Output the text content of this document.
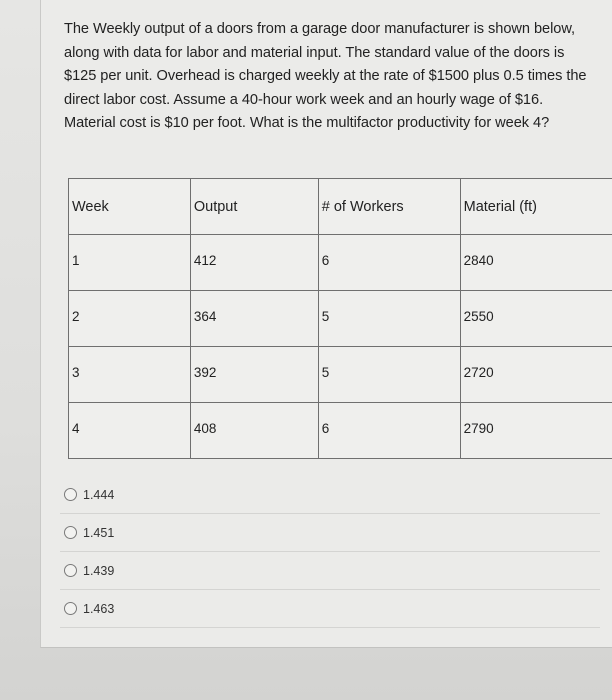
The Weekly output of a doors from a garage door manufacturer is shown below, along with data for labor and material input. The standard value of the doors is $125 per unit. Overhead is charged weekly at the rate of $1500 plus 0.5 times the direct labor cost. Assume a 40-hour work week and an hourly wage of $16. Material cost is $10 per foot. What is the multifactor productivity for week 4?
Week	Output	# of Workers	Material (ft)
1	412	6	2840
2	364	5	2550
3	392	5	2720
4	408	6	2790
1.444
1.451
1.439
1.463
